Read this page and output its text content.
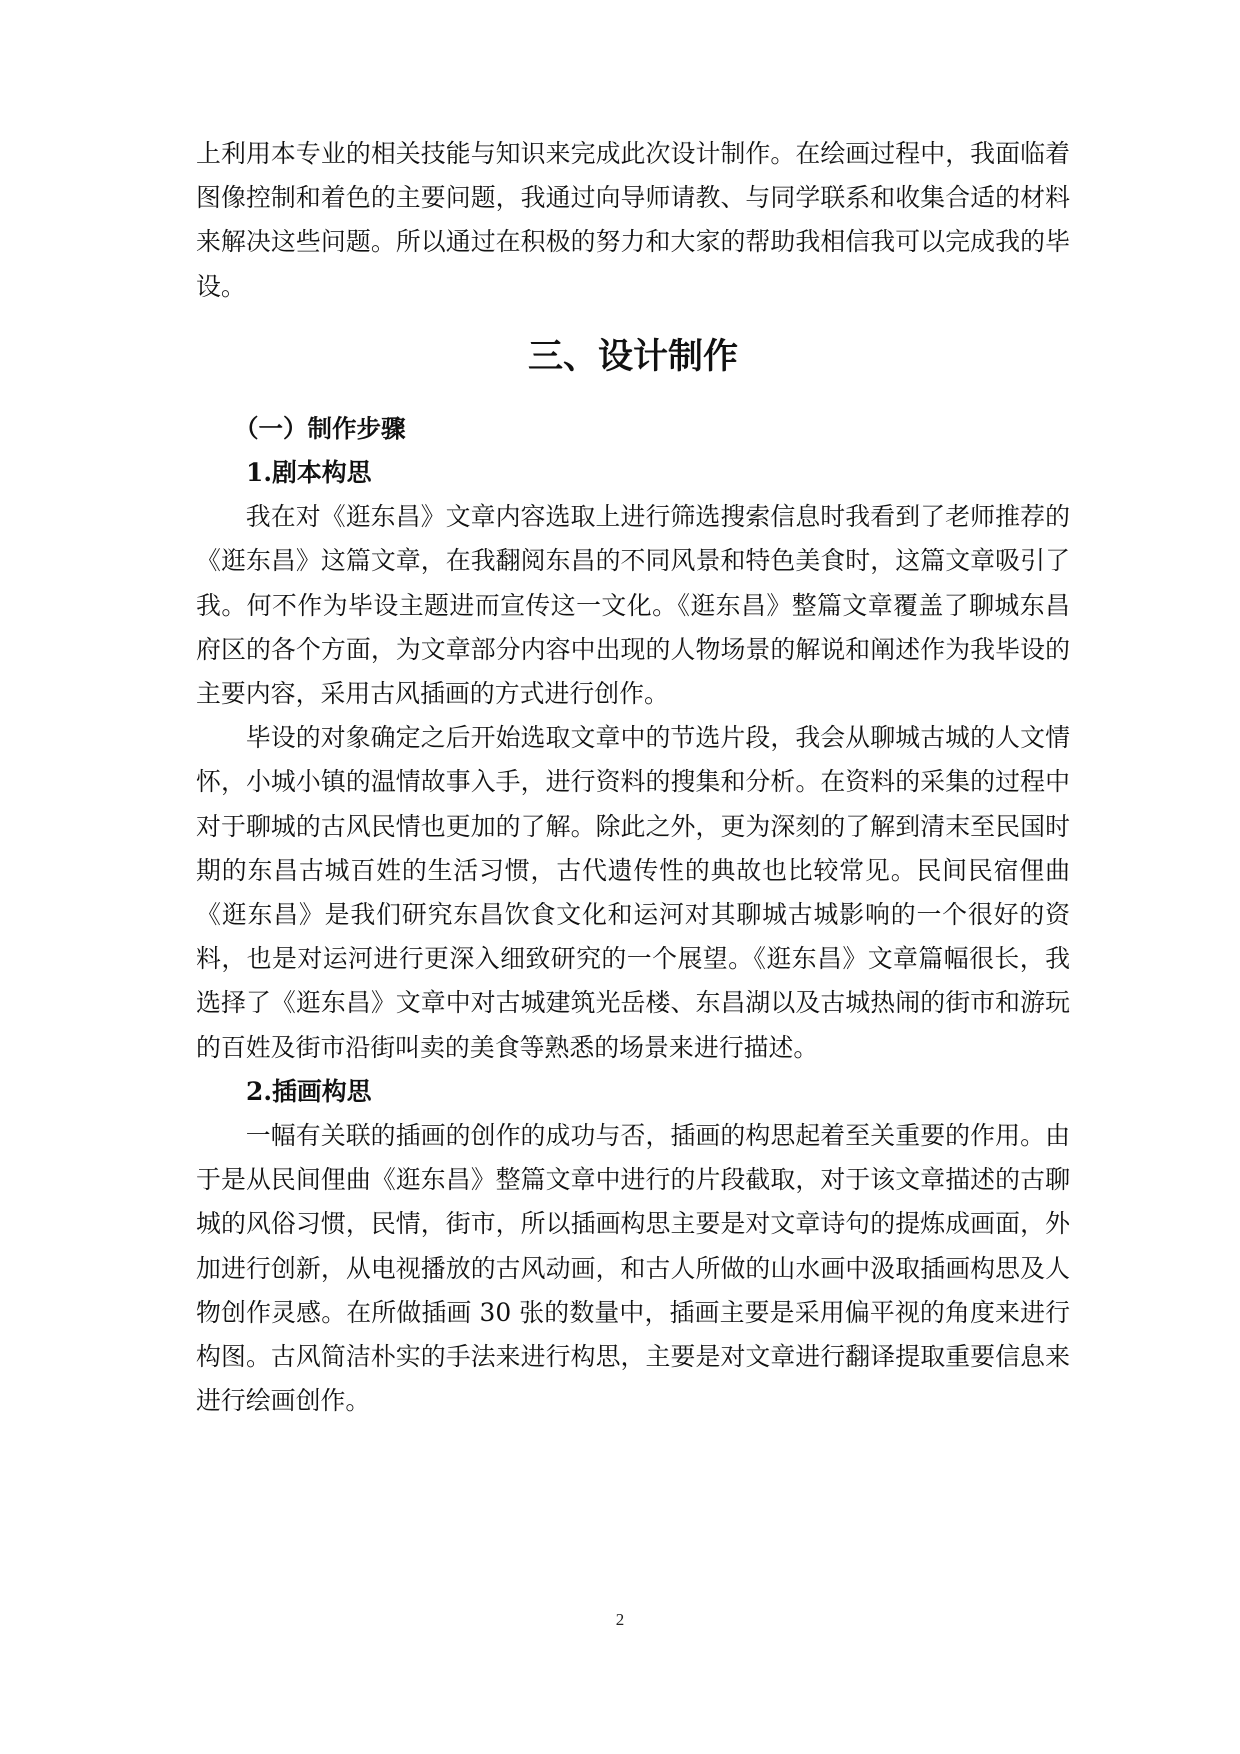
上利用本专业的相关技能与知识来完成此次设计制作。在绘画过程中，我面临着图像控制和着色的主要问题，我通过向导师请教、与同学联系和收集合适的材料来解决这些问题。所以通过在积极的努力和大家的帮助我相信我可以完成我的毕设。

三、设计制作
（一）制作步骤
1.剧本构思

我在对《逛东昌》文章内容选取上进行筛选搜索信息时我看到了老师推荐的《逛东昌》这篇文章，在我翻阅东昌的不同风景和特色美食时，这篇文章吸引了我。何不作为毕设主题进而宣传这一文化。《逛东昌》整篇文章覆盖了聊城东昌府区的各个方面，为文章部分内容中出现的人物场景的解说和阐述作为我毕设的主要内容，采用古风插画的方式进行创作。

毕设的对象确定之后开始选取文章中的节选片段，我会从聊城古城的人文情怀，小城小镇的温情故事入手，进行资料的搜集和分析。在资料的采集的过程中对于聊城的古风民情也更加的了解。除此之外，更为深刻的了解到清末至民国时期的东昌古城百姓的生活习惯，古代遗传性的典故也比较常见。民间民宿俚曲《逛东昌》是我们研究东昌饮食文化和运河对其聊城古城影响的一个很好的资料，也是对运河进行更深入细致研究的一个展望。《逛东昌》文章篇幅很长，我选择了《逛东昌》文章中对古城建筑光岳楼、东昌湖以及古城热闹的街市和游玩的百姓及街市沿街叫卖的美食等熟悉的场景来进行描述。

2.插画构思

一幅有关联的插画的创作的成功与否，插画的构思起着至关重要的作用。由于是从民间俚曲《逛东昌》整篇文章中进行的片段截取，对于该文章描述的古聊城的风俗习惯，民情，街市，所以插画构思主要是对文章诗句的提炼成画面，外加进行创新，从电视播放的古风动画，和古人所做的山水画中汲取插画构思及人物创作灵感。在所做插画 30 张的数量中，插画主要是采用偏平视的角度来进行构图。古风简洁朴实的手法来进行构思，主要是对文章进行翻译提取重要信息来进行绘画创作。

2
